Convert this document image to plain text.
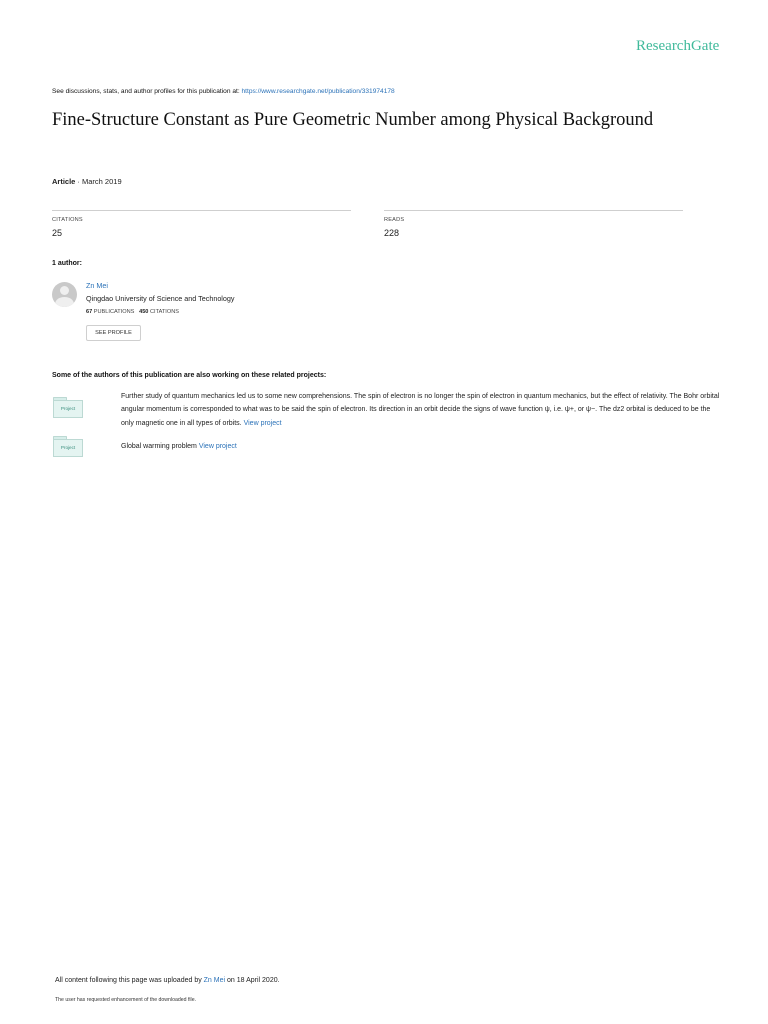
ResearchGate
See discussions, stats, and author profiles for this publication at: https://www.researchgate.net/publication/331974178
Fine-Structure Constant as Pure Geometric Number among Physical Background
Article · March 2019
CITATIONS
25
READS
228
1 author:
Zn Mei
Qingdao University of Science and Technology
67 PUBLICATIONS 450 CITATIONS
SEE PROFILE
Some of the authors of this publication are also working on these related projects:
Project
Further study of quantum mechanics led us to some new comprehensions. The spin of electron is no longer the spin of electron in quantum mechanics, but the effect of relativity. The Bohr orbital angular momentum is corresponded to what was to be said the spin of electron. Its direction in an orbit decide the signs of wave function ψ, i.e. ψ+, or ψ−. The dz2 orbital is deduced to be the only magnetic one in all types of orbits. View project
Project	Global warming problem View project
All content following this page was uploaded by Zn Mei on 18 April 2020.
The user has requested enhancement of the downloaded file.
